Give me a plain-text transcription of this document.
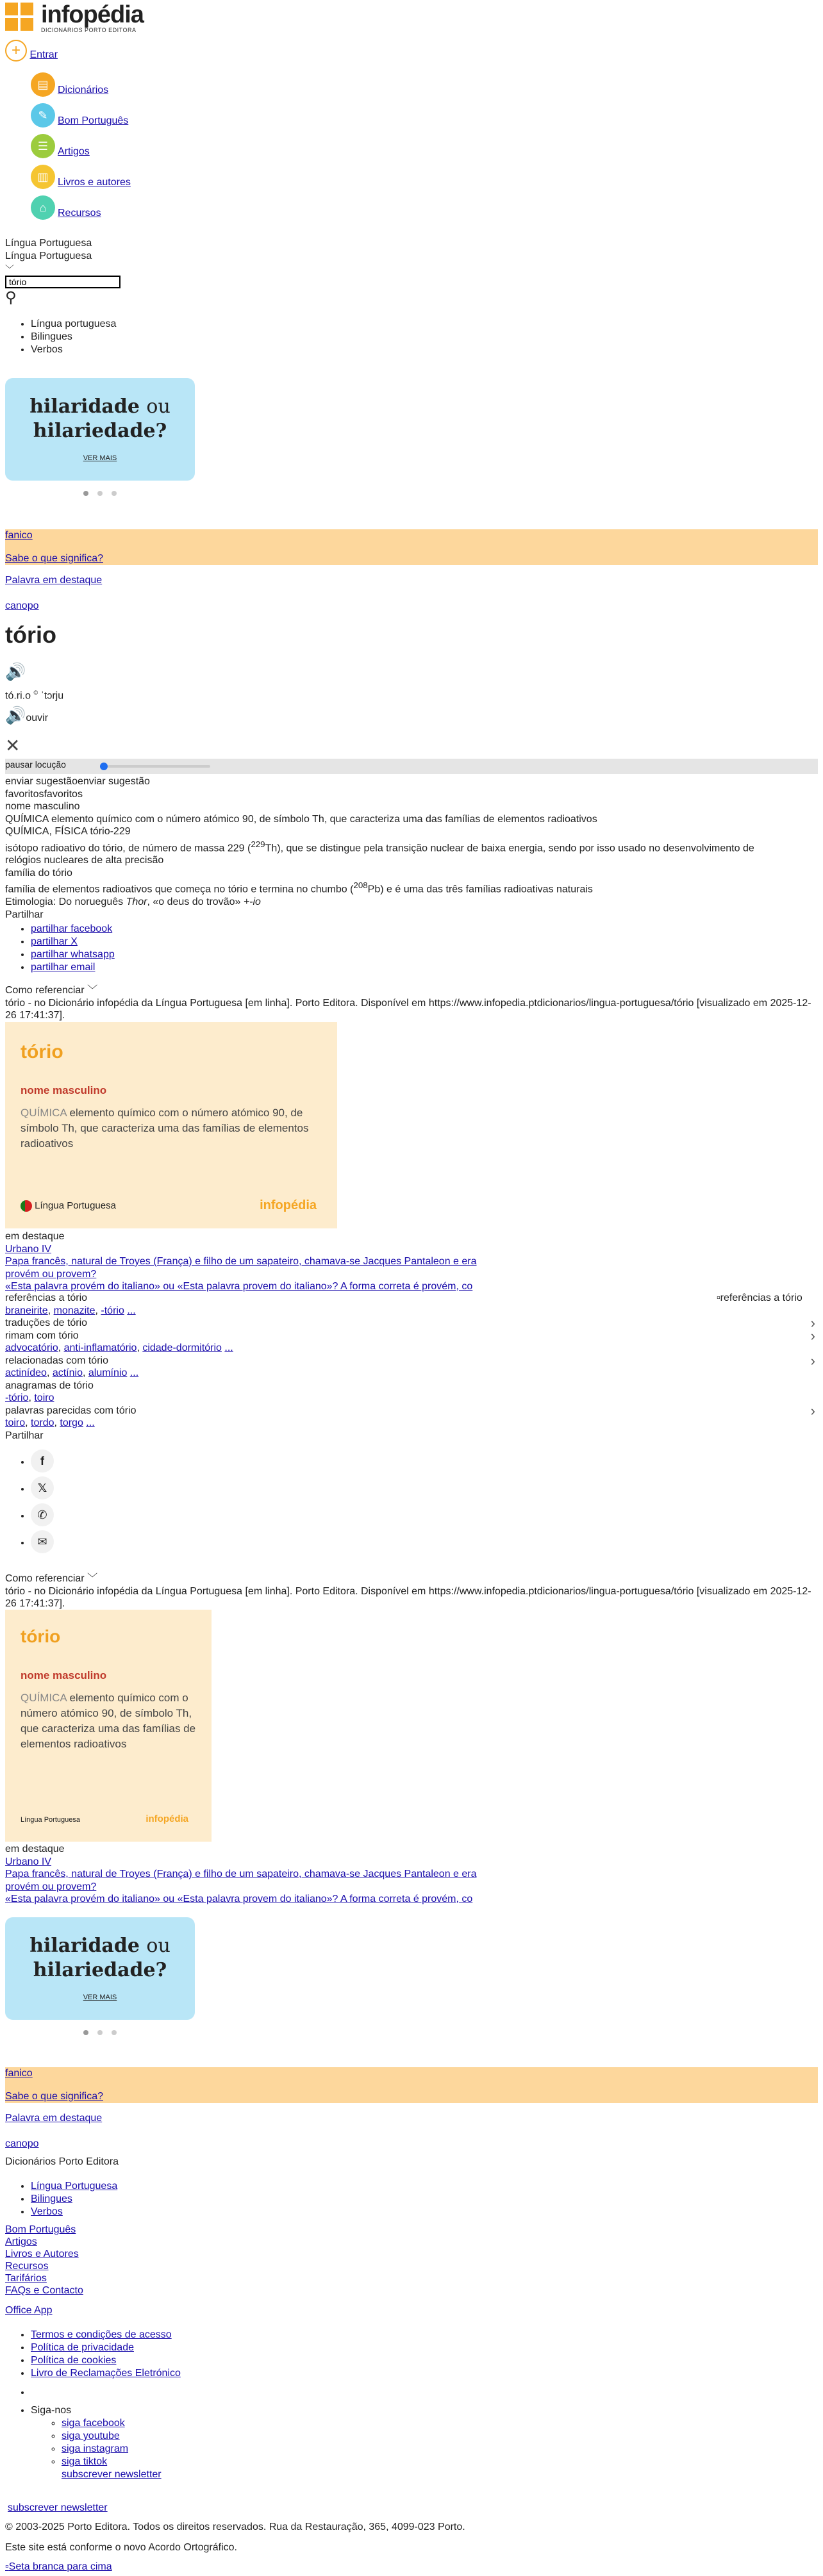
infopédia
DICIONÁRIOS PORTO EDITORA
+ Entrar
▤ Dicionários
✎ Bom Português
☰ Artigos
▥ Livros e autores
⌂	Recursos
Língua Portuguesa
Língua Portuguesa
﹀
tório
⚲
• Língua portuguesa
• Bilingues
• Verbos
hilaridade ou
hilariedade?
VER MAIS
fanico
Sabe o que significa?
Palavra em destaque
canopo
tório
🔊
tó.ri.o © ˈtɔrju
🔊ouvir
✕
pausar locução
enviar sugestãoenviar sugestão
favoritosfavoritos
nome masculino
QUÍMICA elemento químico com o número atómico 90, de símbolo Th, que caracteriza uma das famílias de elementos radioativos
QUÍMICA, FÍSICA tório-229
isótopo radioativo do tório, de número de massa 229 ($^{229}$Th), que se distingue pela transição nuclear de baixa energia, sendo por isso usado no desenvolvimento de relógios nucleares de alta precisão
família do tório
família de elementos radioativos que começa no tório e termina no chumbo ($^{208}$Pb) e é uma das três famílias radioativas naturais
Etimologia: Do norueguês Thor, «o deus do trovão» +-io
Partilhar
• partilhar facebook
• partilhar X
• partilhar whatsapp
• partilhar email
Como referenciar ﹀
tório - no Dicionário infopédia da Língua Portuguesa [em linha]. Porto Editora. Disponível em https://www.infopedia.ptdicionarios/lingua-portuguesa/tório [visualizado em 2025-12-26 17:41:37].
tório
nome masculino
QUÍMICA elemento químico com o número atómico 90, de símbolo Th, que caracteriza uma das famílias de elementos radioativos
Língua Portuguesa	infopédia
em destaque
Urbano IV
Papa francês, natural de Troyes (França) e filho de um sapateiro, chamava-se Jacques Pantaleon e era
provém ou provem?
«Esta palavra provém do italiano» ou «Esta palavra provem do italiano»? A forma correta é provém, co
▫referências a tório
referências a tório
braneirite, monazite, -tório ...
traduções de tório	›
rimam com tório	›
advocatório, anti-inflamatório, cidade-dormitório ...
relacionadas com tório	›
actinídeo, actínio, alumínio ...
anagramas de tório
-tório, toiro
palavras parecidas com tório	›
toiro, tordo, torgo ...
Partilhar
• f
• 𝕏
• ✆
• ✉
Como referenciar ﹀
tório - no Dicionário infopédia da Língua Portuguesa [em linha]. Porto Editora. Disponível em https://www.infopedia.ptdicionarios/lingua-portuguesa/tório [visualizado em 2025-12-26 17:41:37].
tório
nome masculino
QUÍMICA elemento químico com o número atómico 90, de símbolo Th, que caracteriza uma das famílias de elementos radioativos
Língua Portuguesa	infopédia
em destaque
Urbano IV
Papa francês, natural de Troyes (França) e filho de um sapateiro, chamava-se Jacques Pantaleon e era
provém ou provem?
«Esta palavra provém do italiano» ou «Esta palavra provem do italiano»? A forma correta é provém, co
hilaridade ou
hilariedade?
VER MAIS
fanico
Sabe o que significa?
Palavra em destaque
canopo
Dicionários Porto Editora
• Língua Portuguesa
• Bilingues
• Verbos
Bom Português
Artigos
Livros e Autores
Recursos
Tarifários
FAQs e Contacto
Office App
• Termos e condições de acesso
• Política de privacidade
• Política de cookies
• Livro de Reclamações Eletrónico
•
• Siga-nos
◦ siga facebook
◦ siga youtube
◦ siga instagram
◦ siga tiktok
subscrever newsletter
subscrever newsletter
© 2003-2025 Porto Editora. Todos os direitos reservados. Rua da Restauração, 365, 4099-023 Porto.
Este site está conforme o novo Acordo Ortográfico.
▫Seta branca para cima
